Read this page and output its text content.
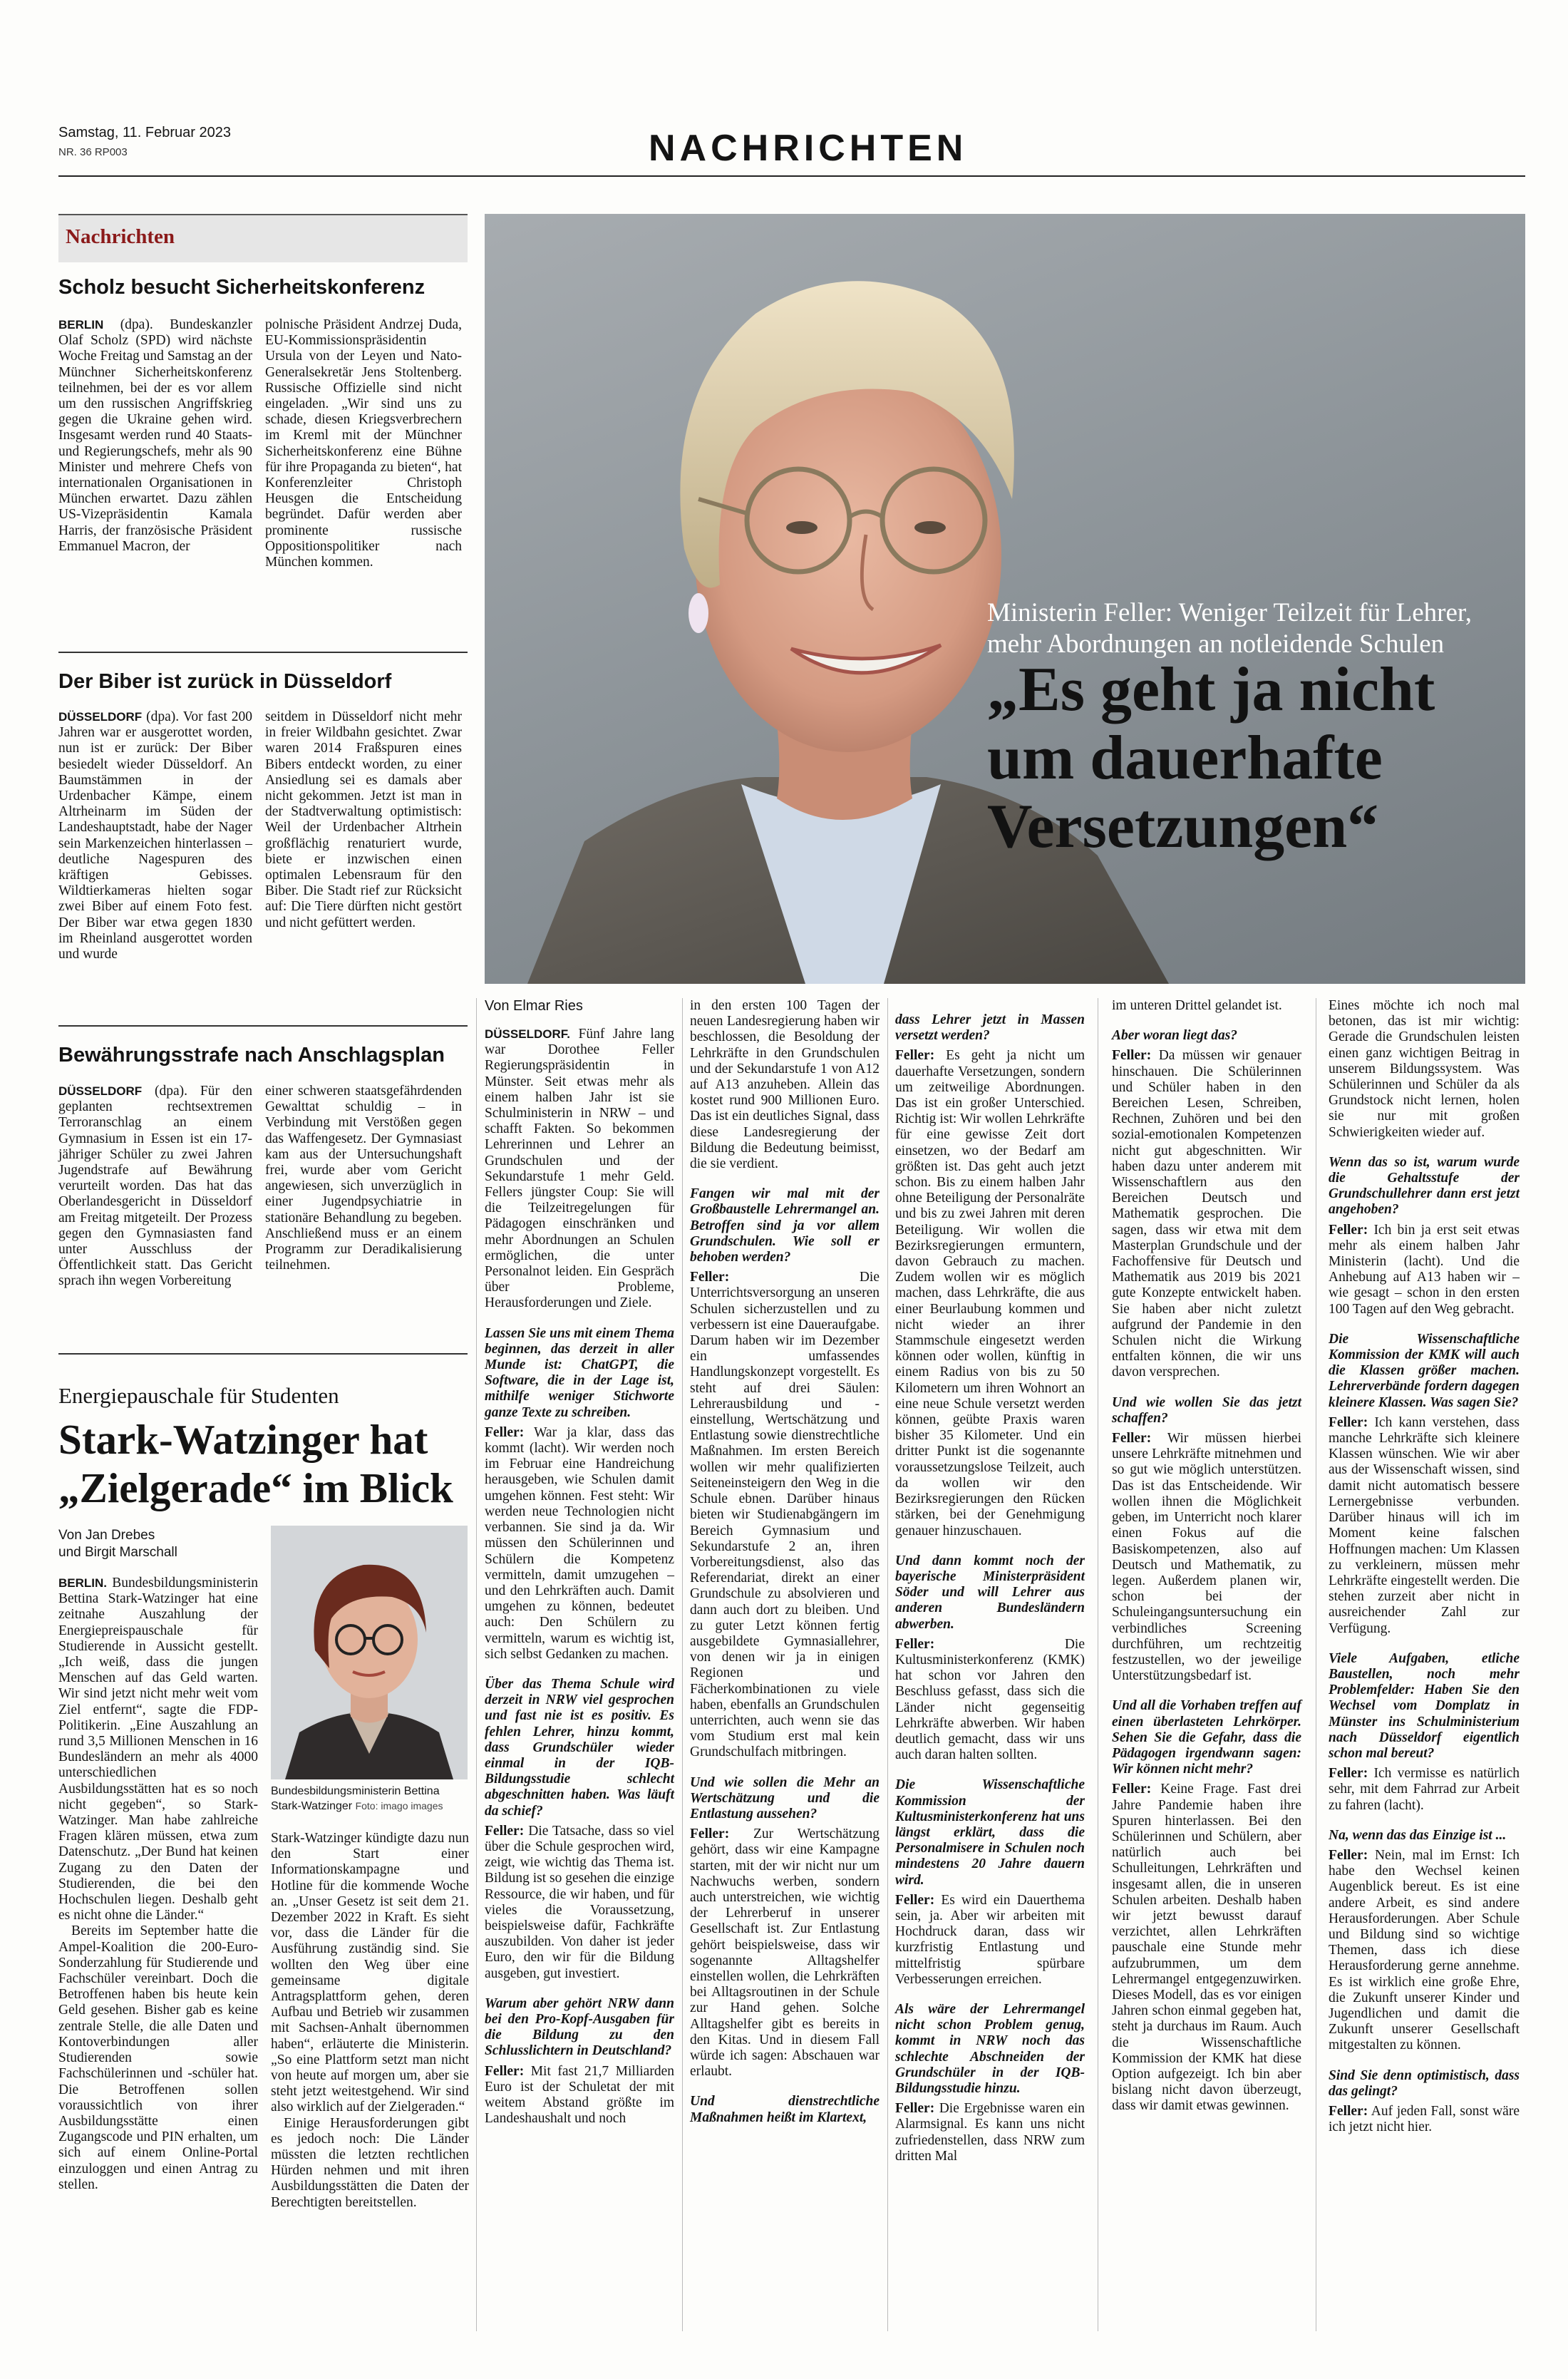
Samstag, 11. Februar 2023
NR. 36 RP003	NACHRICHTEN
Nachrichten
Scholz besucht Sicherheitskonferenz
BERLIN (dpa). Bundeskanzler Olaf Scholz (SPD) wird nächste Woche Freitag und Samstag an der Münchner Sicherheitskonferenz teilnehmen, bei der es vor allem um den russischen Angriffskrieg gegen die Ukraine gehen wird. Insgesamt werden rund 40 Staats- und Regierungschefs, mehr als 90 Minister und mehrere Chefs von internationalen Organisationen in München erwartet. Dazu zählen US-Vizepräsidentin Kamala Harris, der französische Präsident Emmanuel Macron, der
polnische Präsident Andrzej Duda, EU-Kommissionspräsidentin Ursula von der Leyen und Nato-Generalsekretär Jens Stoltenberg. Russische Offizielle sind nicht eingeladen. „Wir sind uns zu schade, diesen Kriegsverbrechern im Kreml mit der Münchner Sicherheitskonferenz eine Bühne für ihre Propaganda zu bieten“, hat Konferenzleiter Christoph Heusgen die Entscheidung begründet. Dafür werden aber prominente russische Oppositionspolitiker nach München kommen.
Der Biber ist zurück in Düsseldorf
DÜSSELDORF (dpa). Vor fast 200 Jahren war er ausgerottet worden, nun ist er zurück: Der Biber besiedelt wieder Düsseldorf. An Baumstämmen in der Urdenbacher Kämpe, einem Altrheinarm im Süden der Landeshauptstadt, habe der Nager sein Markenzeichen hinterlassen – deutliche Nagespuren des kräftigen Gebisses. Wildtierkameras hielten sogar zwei Biber auf einem Foto fest. Der Biber war etwa gegen 1830 im Rheinland ausgerottet worden und wurde
seitdem in Düsseldorf nicht mehr in freier Wildbahn gesichtet. Zwar waren 2014 Fraßspuren eines Bibers entdeckt worden, zu einer Ansiedlung sei es damals aber nicht gekommen. Jetzt ist man in der Stadtverwaltung optimistisch: Weil der Urdenbacher Altrhein großflächig renaturiert wurde, biete er inzwischen einen optimalen Lebensraum für den Biber. Die Stadt rief zur Rücksicht auf: Die Tiere dürften nicht gestört und nicht gefüttert werden.
Bewährungsstrafe nach Anschlagsplan
DÜSSELDORF (dpa). Für den geplanten rechtsextremen Terroranschlag an einem Gymnasium in Essen ist ein 17-jähriger Schüler zu zwei Jahren Jugendstrafe auf Bewährung verurteilt worden. Das hat das Oberlandesgericht in Düsseldorf am Freitag mitgeteilt. Der Prozess gegen den Gymnasiasten fand unter Ausschluss der Öffentlichkeit statt. Das Gericht sprach ihn wegen Vorbereitung
einer schweren staatsgefährdenden Gewalttat schuldig – in Verbindung mit Verstößen gegen das Waffengesetz. Der Gymnasiast kam aus der Untersuchungshaft frei, wurde aber vom Gericht angewiesen, sich unverzüglich in einer Jugendpsychiatrie in stationäre Behandlung zu begeben. Anschließend muss er an einem Programm zur Deradikalisierung teilnehmen.
Ministerin Feller: Weniger Teilzeit für Lehrer, mehr Abordnungen an notleidende Schulen
„Es geht ja nicht um dauerhafte Versetzungen“
Von Elmar Ries

DÜSSELDORF. Fünf Jahre lang war Dorothee Feller Regierungspräsidentin in Münster. Seit etwas mehr als einem halben Jahr ist sie Schulministerin in NRW – und schafft Fakten. So bekommen Lehrerinnen und Lehrer an Grundschulen und der Sekundarstufe 1 mehr Geld. Fellers jüngster Coup: Sie will die Teilzeitregelungen für Pädagogen einschränken und mehr Abordnungen an Schulen ermöglichen, die unter Personalnot leiden. Ein Gespräch über Probleme, Herausforderungen und Ziele.

Lassen Sie uns mit einem Thema beginnen, das derzeit in aller Munde ist: ChatGPT, die Software, die in der Lage ist, mithilfe weniger Stichworte ganze Texte zu schreiben.

Feller: War ja klar, dass das kommt (lacht). Wir werden noch im Februar eine Handreichung herausgeben, wie Schulen damit umgehen können. Fest steht: Wir werden neue Technologien nicht verbannen. Sie sind ja da. Wir müssen den Schülerinnen und Schülern die Kompetenz vermitteln, damit umzugehen – und den Lehrkräften auch. Damit umgehen zu können, bedeutet auch: Den Schülern zu vermitteln, warum es wichtig ist, sich selbst Gedanken zu machen.

Über das Thema Schule wird derzeit in NRW viel gesprochen und fast nie ist es positiv. Es fehlen Lehrer, hinzu kommt, dass Grundschüler wieder einmal in der IQB-Bildungsstudie schlecht abgeschnitten haben. Was läuft da schief?

Feller: Die Tatsache, dass so viel über die Schule gesprochen wird, zeigt, wie wichtig das Thema ist. Bildung ist so gesehen die einzige Ressource, die wir haben, und für vieles die Voraussetzung, beispielsweise dafür, Fachkräfte auszubilden. Von daher ist jeder Euro, den wir für die Bildung ausgeben, gut investiert.

Warum aber gehört NRW dann bei den Pro-Kopf-Ausgaben für die Bildung zu den Schlusslichtern in Deutschland?

Feller: Mit fast 21,7 Milliarden Euro ist der Schuletat der mit weitem Abstand größte im Landeshaushalt und noch

in den ersten 100 Tagen der neuen Landesregierung haben wir beschlossen, die Besoldung der Lehrkräfte in den Grundschulen und der Sekundarstufe 1 von A12 auf A13 anzuheben. Allein das kostet rund 900 Millionen Euro. Das ist ein deutliches Signal, dass diese Landesregierung der Bildung die Bedeutung beimisst, die sie verdient.

Fangen wir mal mit der Großbaustelle Lehrermangel an. Betroffen sind ja vor allem Grundschulen. Wie soll er behoben werden?

Feller:	Die Unterrichtsversorgung an unseren Schulen sicherzustellen und zu verbessern ist eine Daueraufgabe. Darum haben wir im Dezember ein umfassendes Handlungskonzept vorgestellt. Es steht auf drei Säulen: Lehrerausbildung und -einstellung, Wertschätzung und Entlastung sowie dienstrechtliche Maßnahmen. Im ersten Bereich wollen wir mehr qualifizierten Seiteneinsteigern den Weg in die Schule ebnen. Darüber hinaus bieten wir Studienabgängern im Bereich Gymnasium und Sekundarstufe 2 an, ihren Vorbereitungsdienst, also das Referendariat, direkt an einer Grundschule zu absolvieren und dann auch dort zu bleiben. Und zu guter Letzt können fertig ausgebildete Gymnasiallehrer, von denen wir ja in einigen Regionen und Fächerkombinationen zu viele haben, ebenfalls an Grundschulen unterrichten, auch wenn sie das vom Studium erst mal kein Grundschulfach mitbringen.

Und wie sollen die Mehr an Wertschätzung und die Entlastung aussehen?

Feller: Zur Wertschätzung gehört, dass wir eine Kampagne starten, mit der wir nicht nur um Nachwuchs werben, sondern auch unterstreichen, wie wichtig der Lehrerberuf in unserer Gesellschaft ist. Zur Entlastung gehört beispielsweise, dass wir sogenannte Alltagshelfer einstellen wollen, die Lehrkräften bei Alltagsroutinen in der Schule zur Hand gehen. Solche Alltagshelfer gibt es bereits in den Kitas. Und in diesem Fall würde ich sagen: Abschauen war erlaubt.

Und dienstrechtliche Maßnahmen heißt im Klartext,

dass Lehrer jetzt in Massen versetzt werden?

Feller: Es geht ja nicht um dauerhafte Versetzungen, sondern um zeitweilige Abordnungen. Das ist ein großer Unterschied. Richtig ist: Wir wollen Lehrkräfte für eine gewisse Zeit dort einsetzen, wo der Bedarf am größten ist. Das geht auch jetzt schon. Bis zu einem halben Jahr ohne Beteiligung der Personalräte und bis zu zwei Jahren mit deren Beteiligung. Wir wollen die Bezirksregierungen ermuntern, davon Gebrauch zu machen. Zudem wollen wir es möglich machen, dass Lehrkräfte, die aus einer Beurlaubung kommen und nicht wieder an ihrer Stammschule eingesetzt werden können oder wollen, künftig in einem Radius von bis zu 50 Kilometern um ihren Wohnort an eine neue Schule versetzt werden können, geübte Praxis waren bisher 35 Kilometer. Und ein dritter Punkt ist die sogenannte voraussetzungslose Teilzeit, auch da wollen wir den Bezirksregierungen den Rücken stärken, bei der Genehmigung genauer hinzuschauen.

Und dann kommt noch der bayerische Ministerpräsident Söder und will Lehrer aus anderen Bundesländern abwerben.

Feller:	Die Kultusministerkonferenz (KMK) hat schon vor Jahren den Beschluss gefasst, dass sich die Länder nicht gegenseitig Lehrkräfte abwerben. Wir haben deutlich gemacht, dass wir uns auch daran halten sollten.

Die Wissenschaftliche Kommission der Kultusministerkonferenz hat uns längst erklärt, dass die Personalmisere in Schulen noch mindestens 20 Jahre dauern wird.

Feller: Es wird ein Dauerthema sein, ja. Aber wir arbeiten mit Hochdruck daran, dass wir kurzfristig Entlastung und mittelfristig spürbare Verbesserungen erreichen.

Als wäre der Lehrermangel nicht schon Problem genug, kommt in NRW noch das schlechte Abschneiden der Grundschüler in der IQB-Bildungsstudie hinzu.

Feller: Die Ergebnisse waren ein Alarmsignal. Es kann uns nicht zufriedenstellen, dass NRW zum dritten Mal

im unteren Drittel gelandet ist.

Aber woran liegt das?

Feller: Da müssen wir genauer hinschauen. Die Schülerinnen und Schüler haben in den Bereichen Lesen, Schreiben, Rechnen, Zuhören und bei den sozial-emotionalen Kompetenzen nicht gut abgeschnitten. Wir haben dazu unter anderem mit Wissenschaftlern aus den Bereichen Deutsch und Mathematik gesprochen. Die sagen, dass wir etwa mit dem Masterplan Grundschule und der Fachoffensive für Deutsch und Mathematik aus 2019 bis 2021 gute Konzepte entwickelt haben. Sie haben aber nicht zuletzt aufgrund der Pandemie in den Schulen nicht die Wirkung entfalten können, die wir uns davon versprechen.

Und wie wollen Sie das jetzt schaffen?

Feller: Wir müssen hierbei unsere Lehrkräfte mitnehmen und so gut wie möglich unterstützen. Das ist das Entscheidende. Wir wollen ihnen die Möglichkeit geben, im Unterricht noch klarer einen Fokus auf die Basiskompetenzen, also auf Deutsch und Mathematik, zu legen. Außerdem planen wir, schon bei der Schuleingangsuntersuchung ein verbindliches Screening durchführen, um rechtzeitig festzustellen, wo der jeweilige Unterstützungsbedarf ist.

Und all die Vorhaben treffen auf einen überlasteten Lehrkörper. Sehen Sie die Gefahr, dass die Pädagogen irgendwann sagen: Wir können nicht mehr?

Feller: Keine Frage. Fast drei Jahre Pandemie haben ihre Spuren hinterlassen. Bei den Schülerinnen und Schülern, aber natürlich auch bei Schulleitungen, Lehrkräften und insgesamt allen, die in unseren Schulen arbeiten. Deshalb haben wir jetzt bewusst darauf verzichtet, allen Lehrkräften pauschale eine Stunde mehr aufzubrummen, um dem Lehrermangel entgegenzuwirken. Dieses Modell, das es vor einigen Jahren schon einmal gegeben hat, steht ja durchaus im Raum. Auch die Wissenschaftliche Kommission der KMK hat diese Option aufgezeigt. Ich bin aber bislang nicht davon überzeugt, dass wir damit etwas gewinnen.

Eines möchte ich noch mal betonen, das ist mir wichtig: Gerade die Grundschulen leisten einen ganz wichtigen Beitrag in unserem Bildungssystem. Was Schülerinnen und Schüler da als Grundstock nicht lernen, holen sie nur mit großen Schwierigkeiten wieder auf.

Wenn das so ist, warum wurde die Gehaltsstufe der Grundschullehrer dann erst jetzt angehoben?

Feller: Ich bin ja erst seit etwas mehr als einem halben Jahr Ministerin (lacht). Und die Anhebung auf A13 haben wir – wie gesagt – schon in den ersten 100 Tagen auf den Weg gebracht.

Die Wissenschaftliche Kommission der KMK will auch die Klassen größer machen. Lehrerverbände fordern dagegen kleinere Klassen. Was sagen Sie?

Feller: Ich kann verstehen, dass manche Lehrkräfte sich kleinere Klassen wünschen. Wie wir aber aus der Wissenschaft wissen, sind damit nicht automatisch bessere Lernergebnisse verbunden. Darüber hinaus will ich im Moment keine falschen Hoffnungen machen: Um Klassen zu verkleinern, müssen mehr Lehrkräfte eingestellt werden. Die stehen zurzeit aber nicht in ausreichender Zahl zur Verfügung.

Viele Aufgaben, etliche Baustellen, noch mehr Problemfelder: Haben Sie den Wechsel vom Domplatz in Münster ins Schulministerium nach Düsseldorf eigentlich schon mal bereut?

Feller: Ich vermisse es natürlich sehr, mit dem Fahrrad zur Arbeit zu fahren (lacht).

Na, wenn das das Einzige ist ...

Feller: Nein, mal im Ernst: Ich habe den Wechsel keinen Augenblick bereut. Es ist eine andere Arbeit, es sind andere Herausforderungen. Aber Schule und Bildung sind so wichtige Themen, dass ich diese Herausforderung gerne annehme. Es ist wirklich eine große Ehre, die Zukunft unserer Kinder und Jugendlichen und damit die Zukunft unserer Gesellschaft mitgestalten zu können.

Sind Sie denn optimistisch, dass das gelingt?

Feller: Auf jeden Fall, sonst wäre ich jetzt nicht hier.

Energiepauschale für Studenten
Stark-Watzinger hat „Zielgerade“ im Blick
Von Jan Drebes
und Birgit Marschall
Bundesbildungsministerin Bettina Stark-Watzinger Foto: imago images

BERLIN. Bundesbildungsministerin Bettina Stark-Watzinger hat eine zeitnahe Auszahlung der Energiepreispauschale für Studierende in Aussicht gestellt. „Ich weiß, dass die jungen Menschen auf das Geld warten. Wir sind jetzt nicht mehr weit vom Ziel entfernt“, sagte die FDP-Politikerin. „Eine Auszahlung an rund 3,5 Millionen Menschen in 16 Bundesländern an mehr als 4000 unterschiedlichen Ausbildungsstätten hat es so noch nicht gegeben“, so Stark-Watzinger. Man habe zahlreiche Fragen klären müssen, etwa zum Datenschutz. „Der Bund hat keinen Zugang zu den Daten der Studierenden, die bei den Hochschulen liegen. Deshalb geht es nicht ohne die Länder.“

Bereits im September hatte die Ampel-Koalition die 200-Euro-Sonderzahlung für Studierende und Fachschüler vereinbart. Doch die Betroffenen haben bis heute kein Geld gesehen. Bisher gab es keine zentrale Stelle, die alle Daten und Kontoverbindungen aller Studierenden sowie Fachschülerinnen und -schüler hat. Die Betroffenen sollen voraussichtlich von ihrer Ausbildungsstätte einen Zugangscode und PIN erhalten, um sich auf einem Online-Portal einzuloggen und einen Antrag zu stellen.

Stark-Watzinger kündigte dazu nun den Start einer Informationskampagne und Hotline für die kommende Woche an. „Unser Gesetz ist seit dem 21. Dezember 2022 in Kraft. Es sieht vor, dass die Länder für die Ausführung zuständig sind. Sie wollten den Weg über eine gemeinsame digitale Antragsplattform gehen, deren Aufbau und Betrieb wir zusammen mit Sachsen-Anhalt übernommen haben“, erläuterte die Ministerin. „So eine Plattform setzt man nicht von heute auf morgen um, aber sie steht jetzt weitestgehend. Wir sind also wirklich auf der Zielgeraden.“

Einige Herausforderungen gibt es jedoch noch: Die Länder müssten die letzten rechtlichen Hürden nehmen und mit ihren Ausbildungsstätten die Daten der Berechtigten bereitstellen.
